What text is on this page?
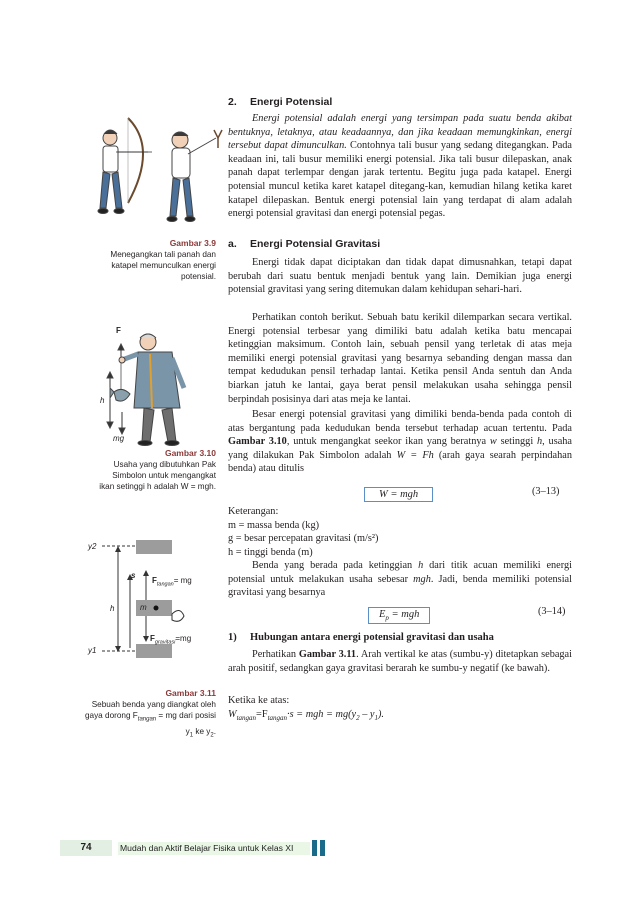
Gambar 3.9
Menegangkan tali panah dan
katapel memunculkan energi
potensial.
F
h
mg
Gambar 3.10
Usaha yang dibutuhkan Pak
Simbolon untuk mengangkat
ikan setinggi h adalah W = mgh.
y2
y1
s
h	m
$F_{tangan}=$ mg
$F_{gravitasi}=mg$
Gambar 3.11
Sebuah benda yang diangkat oleh
gaya dorong $F_{tangan}$ = mg dari posisi
$y_1$ ke $y_2$.
2. Energi Potensial
Energi potensial adalah energi yang tersimpan pada suatu benda akibat bentuknya, letaknya, atau keadaannya, dan jika keadaan memungkinkan, energi tersebut dapat dimunculkan. Contohnya tali busur yang sedang ditegangkan. Pada keadaan ini, tali busur memiliki energi potensial. Jika tali busur dilepaskan, anak panah dapat terlempar dengan jarak tertentu. Begitu juga pada katapel. Energi potensial muncul ketika karet katapel ditegang-kan, kemudian hilang ketika karet katapel dilepaskan. Bentuk energi potensial lain yang terdapat di alam adalah energi potensial gravitasi dan energi potensial pegas.
a. Energi Potensial Gravitasi
Energi tidak dapat diciptakan dan tidak dapat dimusnahkan, tetapi dapat berubah dari suatu bentuk menjadi bentuk yang lain. Demikian juga energi potensial gravitasi yang sering ditemukan dalam kehidupan sehari-hari.
Perhatikan contoh berikut. Sebuah batu kerikil dilemparkan secara vertikal. Energi potensial terbesar yang dimiliki batu adalah ketika batu mencapai ketinggian maksimum. Contoh lain, sebuah pensil yang terletak di atas meja memiliki energi potensial gravitasi yang besarnya sebanding dengan massa dan tempat kedudukan pensil terhadap lantai. Ketika pensil Anda sentuh dan Anda biarkan jatuh ke lantai, gaya berat pensil melakukan usaha sehingga pensil berpindah posisinya dari atas meja ke lantai.
Besar energi potensial gravitasi yang dimiliki benda-benda pada contoh di atas bergantung pada kedudukan benda tersebut terhadap acuan tertentu. Pada Gambar 3.10, untuk mengangkat seekor ikan yang beratnya w setinggi h, usaha yang dilakukan Pak Simbolon adalah W = Fh (arah gaya searah perpindahan benda) atau ditulis
W = mgh	(3–13)
Keterangan:
m = massa benda (kg)
g = besar percepatan gravitasi (m/s²)
h = tinggi benda (m)
Benda yang berada pada ketinggian h dari titik acuan memiliki energi potensial untuk melakukan usaha sebesar mgh. Jadi, benda memiliki potensial gravitasi yang besarnya
$E_p$ = mgh	(3–14)
1) Hubungan antara energi potensial gravitasi dan usaha
Perhatikan Gambar 3.11. Arah vertikal ke atas (sumbu-y) ditetapkan sebagai arah positif, sedangkan gaya gravitasi berarah ke sumbu-y negatif (ke bawah).
Ketika ke atas:
$W_{tangan}=F_{tangan}\cdot s$ = mgh = $mg(y_2 - y_1)$.
74	Mudah dan Aktif Belajar Fisika untuk Kelas XI
